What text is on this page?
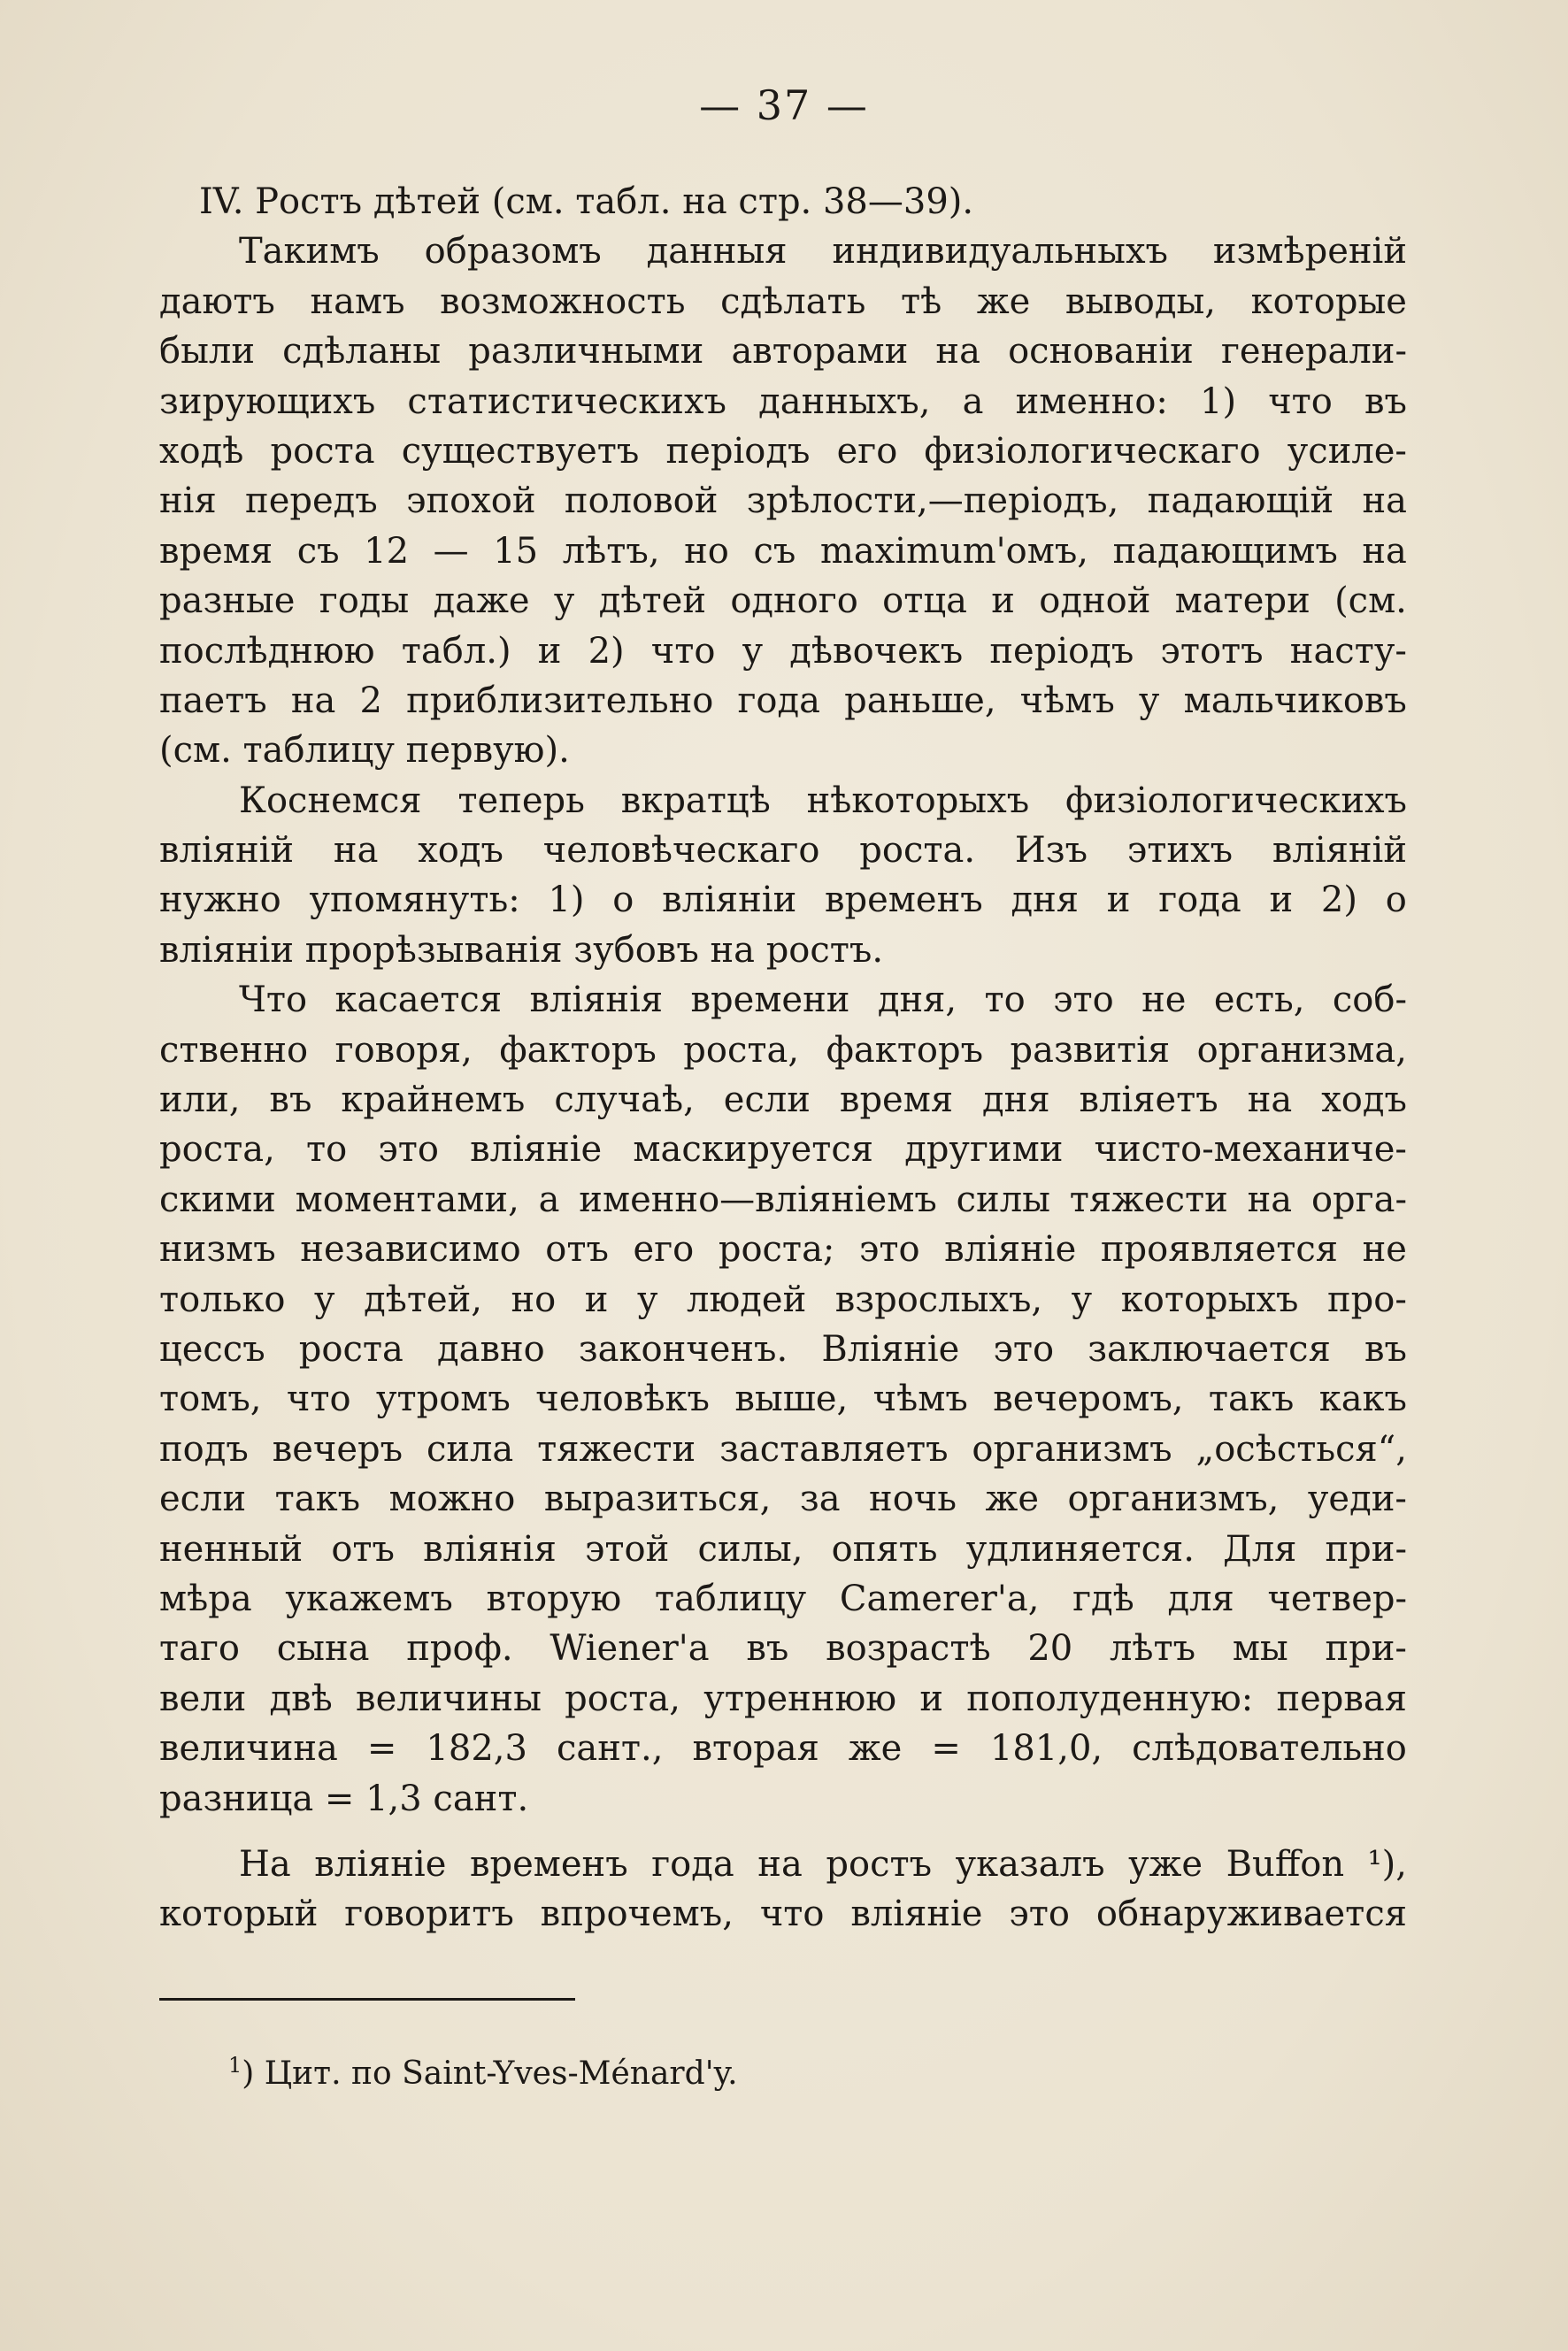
— 37 —
IV. Ростъ дѣтей (см. табл. на стр. 38—39).
Такимъ образомъ данныя индивидуальныхъ измѣреній
даютъ намъ возможность сдѣлать тѣ же выводы, которые
были сдѣланы различными авторами на основаніи генерали-
зирующихъ статистическихъ данныхъ, а именно: 1) что въ
ходѣ роста существуетъ періодъ его физіологическаго усиле-
нія передъ эпохой половой зрѣлости,—періодъ, падающій на
время съ 12 — 15 лѣтъ, но съ maximum'омъ, падающимъ на
разные годы даже у дѣтей одного отца и одной матери (см.
послѣднюю табл.) и 2) что у дѣвочекъ періодъ этотъ насту-
паетъ на 2 приблизительно года раньше, чѣмъ у мальчиковъ
(см. таблицу первую).
Коснемся теперь вкратцѣ нѣкоторыхъ физіологическихъ
вліяній на ходъ человѣческаго роста. Изъ этихъ вліяній
нужно упомянуть: 1) о вліяніи временъ дня и года и 2) о
вліяніи прорѣзыванія зубовъ на ростъ.
Что касается вліянія времени дня, то это не есть, соб-
ственно говоря, факторъ роста, факторъ развитія организма,
или, въ крайнемъ случаѣ, если время дня вліяетъ на ходъ
роста, то это вліяніе маскируется другими чисто-механиче-
скими моментами, а именно—вліяніемъ силы тяжести на орга-
низмъ независимо отъ его роста; это вліяніе проявляется не
только у дѣтей, но и у людей взрослыхъ, у которыхъ про-
цессъ роста давно законченъ. Вліяніе это заключается въ
томъ, что утромъ человѣкъ выше, чѣмъ вечеромъ, такъ какъ
подъ вечеръ сила тяжести заставляетъ организмъ „осѣсться“,
если такъ можно выразиться, за ночь же организмъ, уеди-
ненный отъ вліянія этой силы, опять удлиняется. Для при-
мѣра укажемъ вторую таблицу Camerer'a, гдѣ для четвер-
таго сына проф. Wiener'a въ возрастѣ 20 лѣтъ мы при-
вели двѣ величины роста, утреннюю и пополуденную: первая
величина = 182,3 сант., вторая же = 181,0, слѣдовательно
разница = 1,3 сант.
На вліяніе временъ года на ростъ указалъ уже Buffon ¹),
который говоритъ впрочемъ, что вліяніе это обнаруживается
$^1$) Цит. по Saint-Yves-Ménard'y.
